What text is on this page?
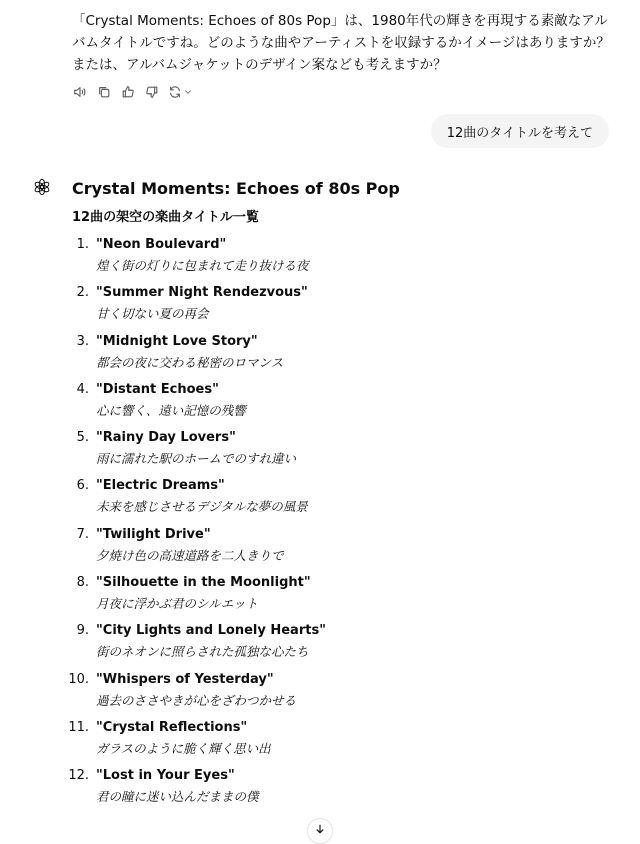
「Crystal Moments: Echoes of 80s Pop」は、1980年代の輝きを再現する素敵なアルバムタイトルですね。どのような曲やアーティストを収録するかイメージはありますか？または、アルバムジャケットのデザイン案なども考えますか？
12曲のタイトルを考えて
Crystal Moments: Echoes of 80s Pop
12曲の架空の楽曲タイトル一覧
1. "Neon Boulevard"
煌く街の灯りに包まれて走り抜ける夜
2. "Summer Night Rendezvous"
甘く切ない夏の再会
3. "Midnight Love Story"
都会の夜に交わる秘密のロマンス
4. "Distant Echoes"
心に響く、遠い記憶の残響
5. "Rainy Day Lovers"
雨に濡れた駅のホームでのすれ違い
6. "Electric Dreams"
未来を感じさせるデジタルな夢の風景
7. "Twilight Drive"
夕焼け色の高速道路を二人きりで
8. "Silhouette in the Moonlight"
月夜に浮かぶ君のシルエット
9. "City Lights and Lonely Hearts"
街のネオンに照らされた孤独な心たち
10. "Whispers of Yesterday"
過去のささやきが心をざわつかせる
11. "Crystal Reflections"
ガラスのように脆く輝く思い出
12. "Lost in Your Eyes"
君の瞳に迷い込んだままの僕
